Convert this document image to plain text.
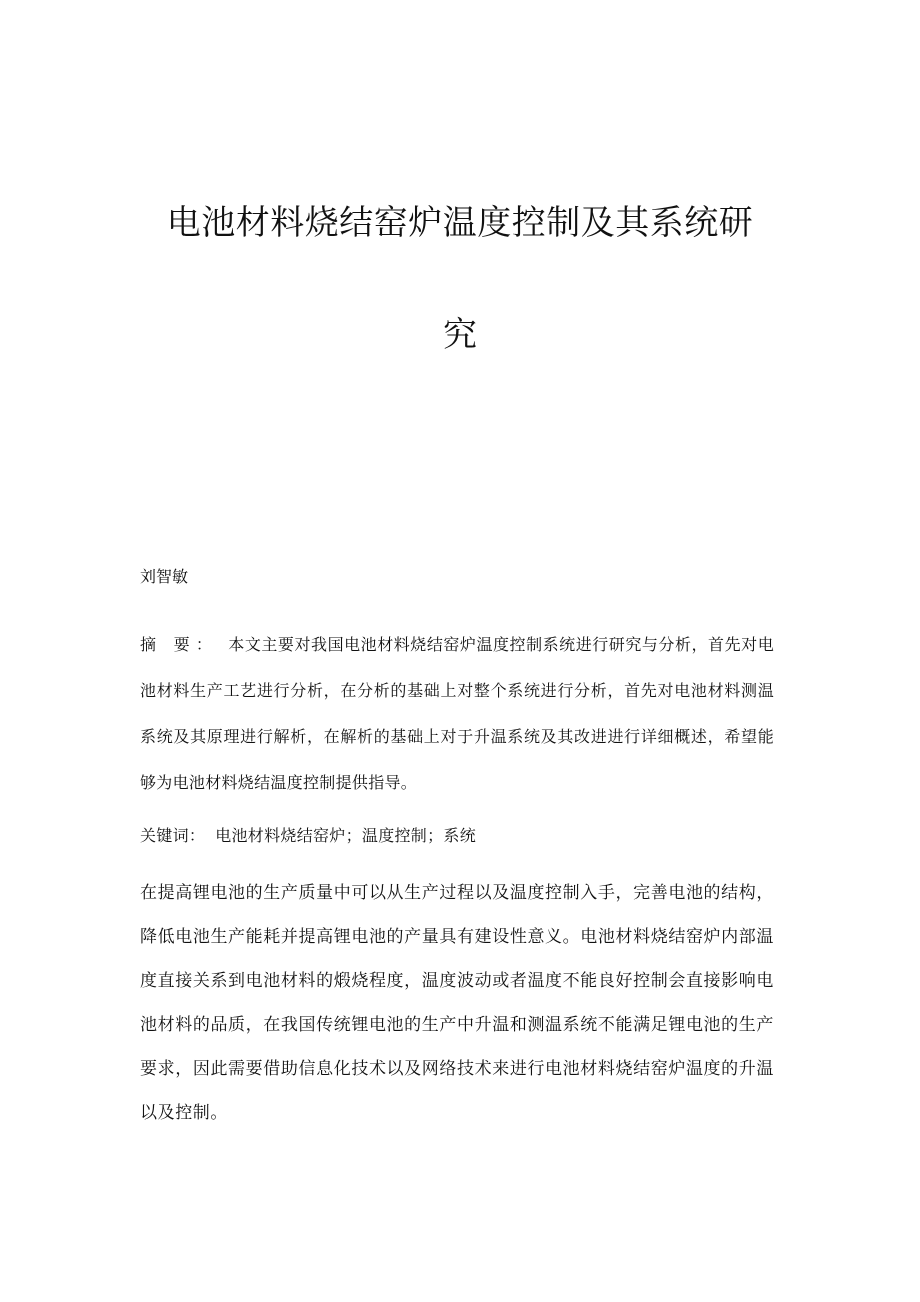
电池材料烧结窑炉温度控制及其系统研
究
刘智敏
摘 要： 本文主要对我国电池材料烧结窑炉温度控制系统进行研究与分析，首先对电池材料生产工艺进行分析，在分析的基础上对整个系统进行分析，首先对电池材料测温系统及其原理进行解析，在解析的基础上对于升温系统及其改进进行详细概述，希望能够为电池材料烧结温度控制提供指导。
关键词： 电池材料烧结窑炉；温度控制；系统
在提高锂电池的生产质量中可以从生产过程以及温度控制入手，完善电池的结构，降低电池生产能耗并提高锂电池的产量具有建设性意义。电池材料烧结窑炉内部温度直接关系到电池材料的煅烧程度，温度波动或者温度不能良好控制会直接影响电池材料的品质，在我国传统锂电池的生产中升温和测温系统不能满足锂电池的生产要求，因此需要借助信息化技术以及网络技术来进行电池材料烧结窑炉温度的升温以及控制。
